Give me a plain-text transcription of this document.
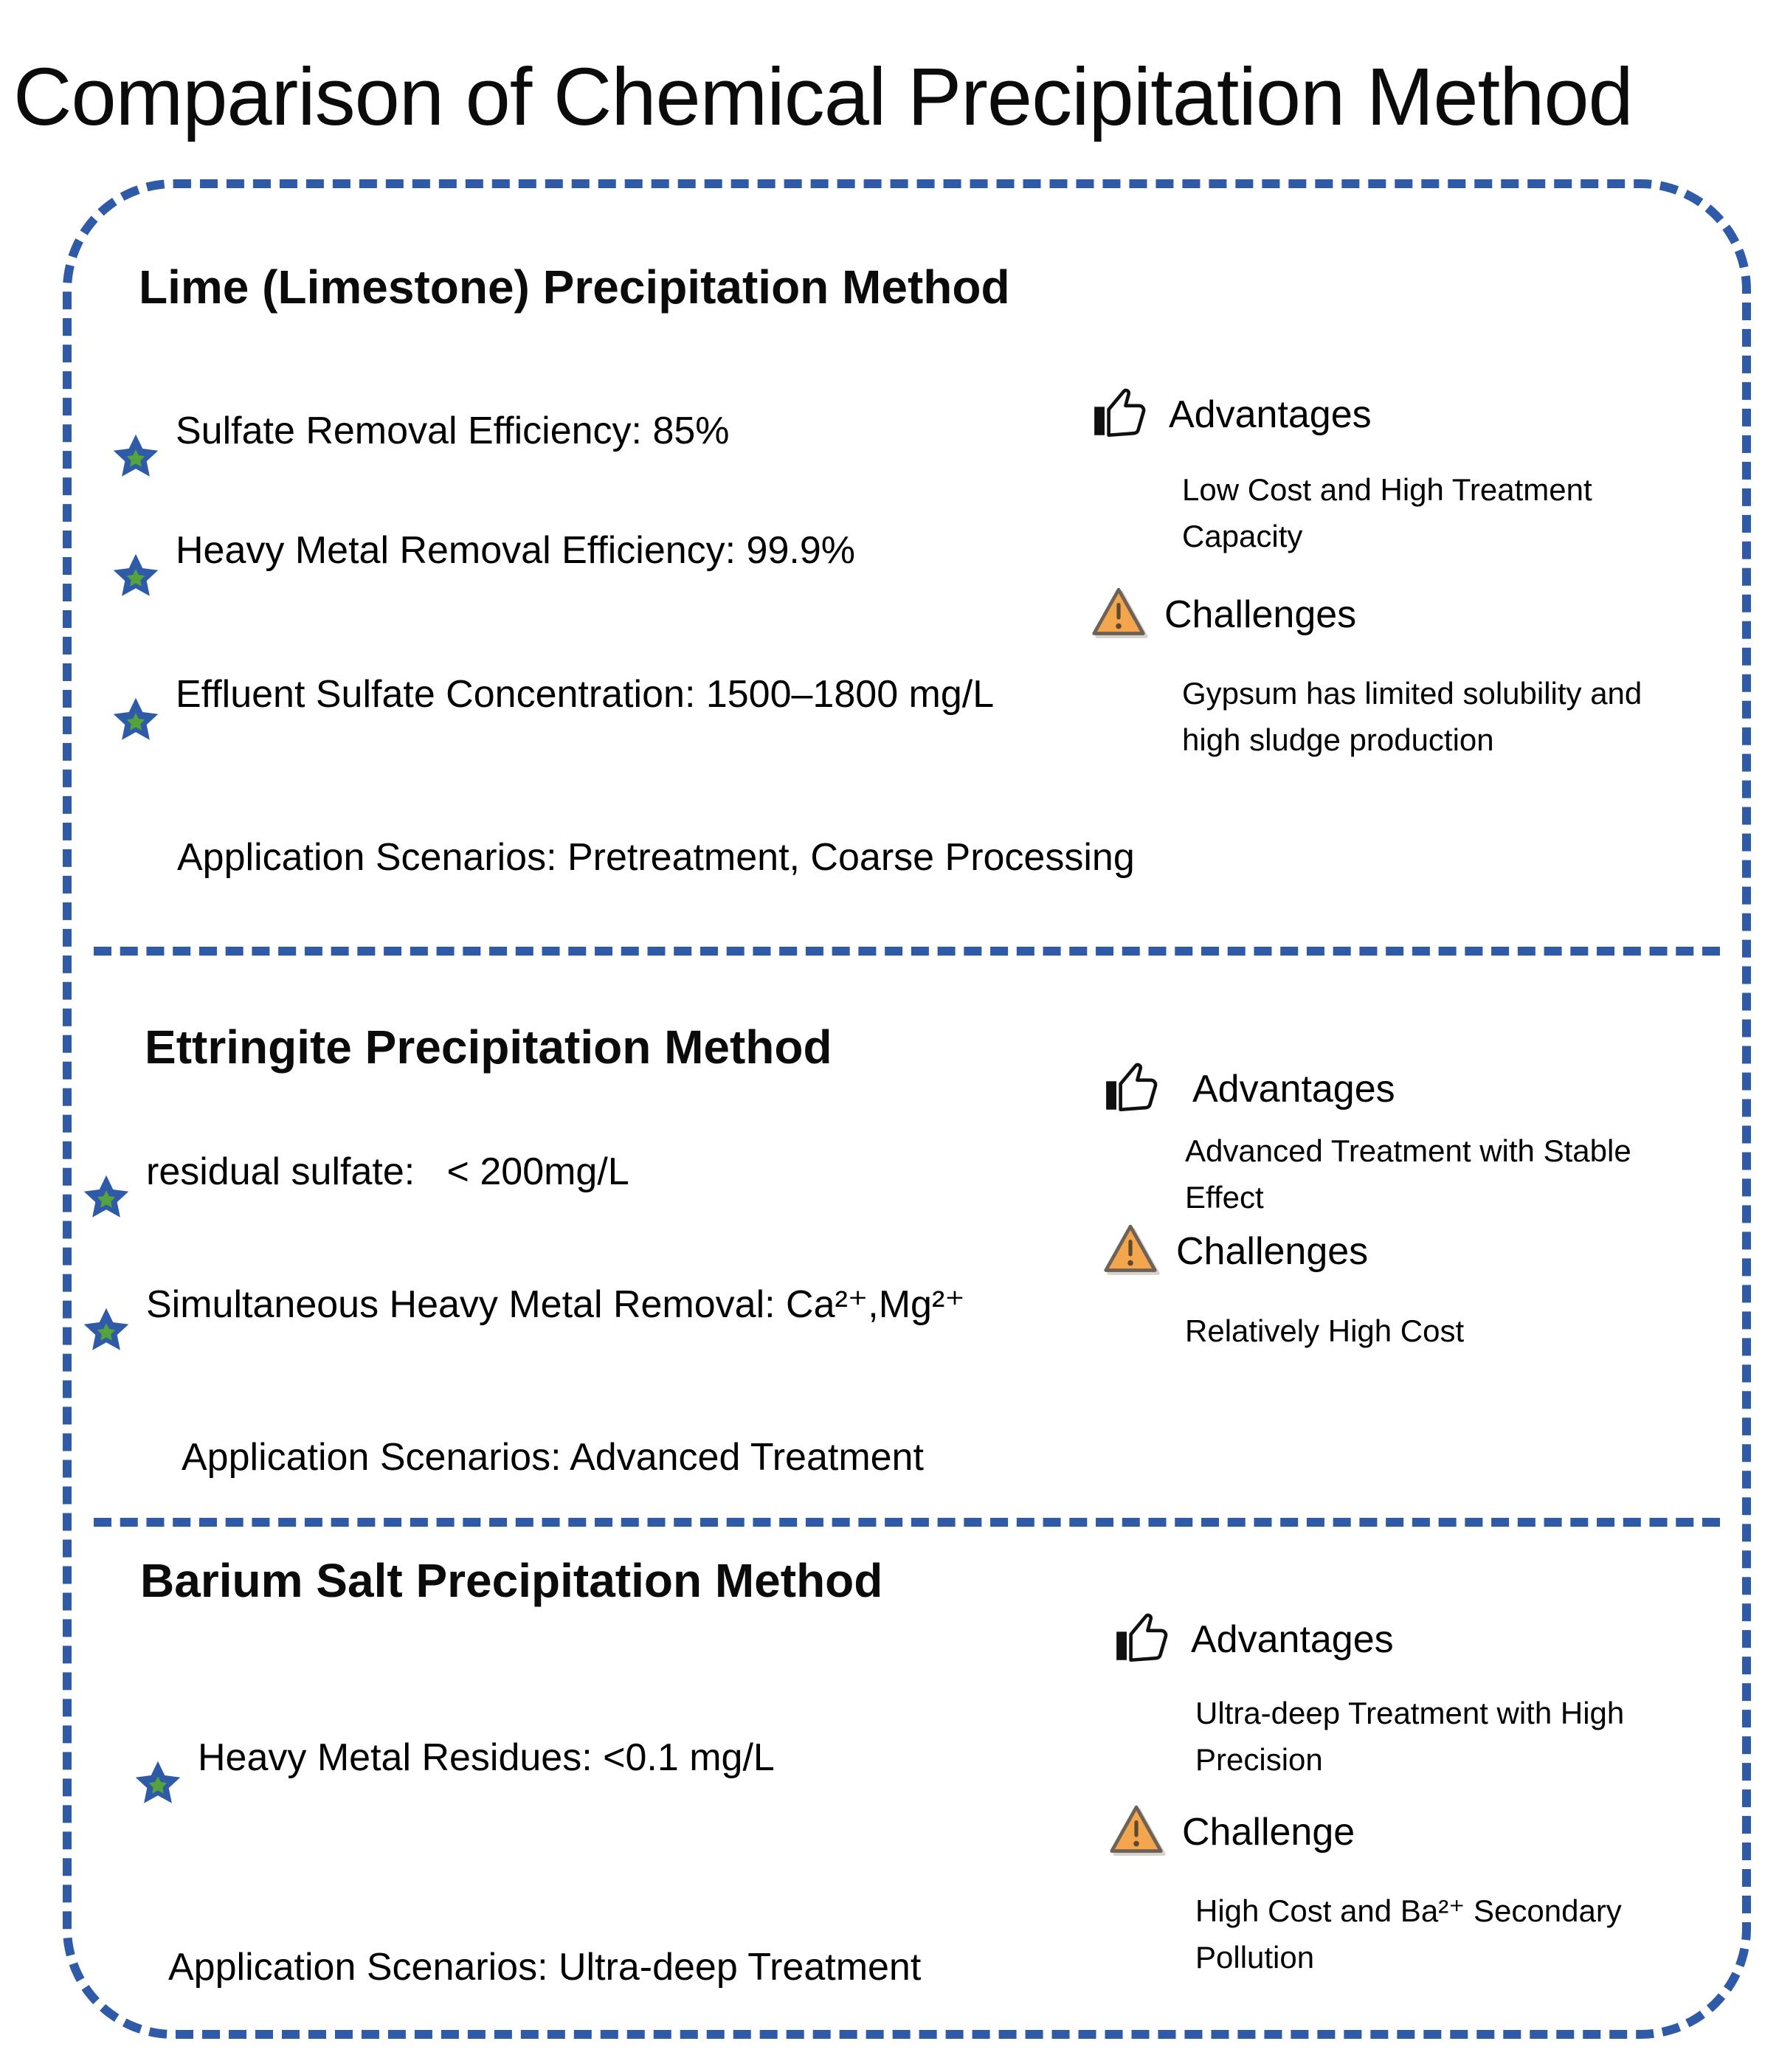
Comparison of Chemical Precipitation Method
Lime (Limestone) Precipitation Method

Sulfate Removal Efficiency: 85%

Heavy Metal Removal Efficiency: 99.9%

Effluent Sulfate Concentration: 1500–1800 mg/L
Advantages
Low Cost and High Treatment Capacity
Challenges
Gypsum has limited solubility and high sludge production
Application Scenarios: Pretreatment, Coarse Processing
Ettringite Precipitation Method
Advantages
Advanced Treatment with Stable Effect

residual sulfate:   < 200mg/L
Challenges
Relatively High Cost

Simultaneous Heavy Metal Removal: Ca²⁺,Mg²⁺
Application Scenarios: Advanced Treatment
Barium Salt Precipitation Method
Advantages
Ultra-deep Treatment with High Precision

Heavy Metal Residues: <0.1 mg/L
Challenge
High Cost and Ba²⁺ Secondary Pollution
Application Scenarios: Ultra-deep Treatment
